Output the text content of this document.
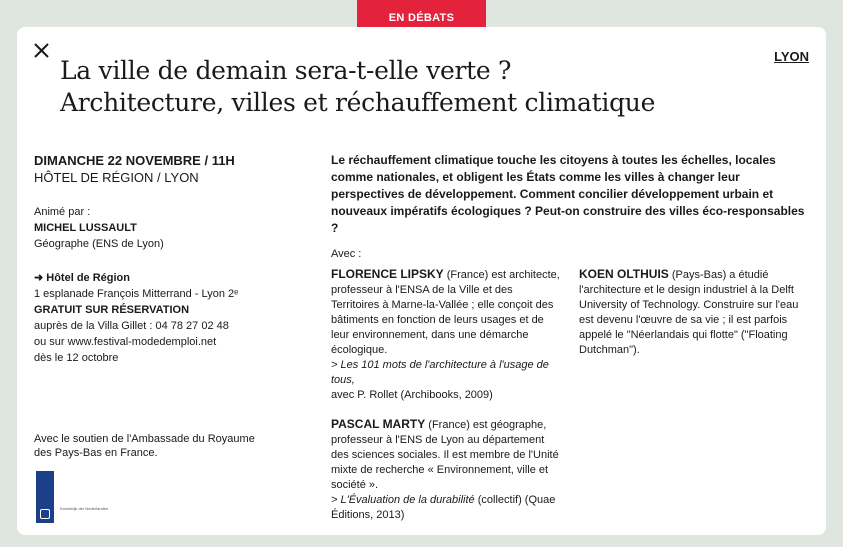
EN DÉBATS
LYON
La ville de demain sera-t-elle verte ?
Architecture, villes et réchauffement climatique
DIMANCHE 22 NOVEMBRE / 11H
HÔTEL DE RÉGION / LYON
Animé par :
MICHEL LUSSAULT
Géographe (ENS de Lyon)
➜ Hôtel de Région
1 esplanade François Mitterrand - Lyon 2ᵉ
GRATUIT SUR RÉSERVATION
auprès de la Villa Gillet : 04 78 27 02 48
ou sur www.festival-modedemploi.net
dès le 12 octobre
Avec le soutien de l'Ambassade du Royaume des Pays-Bas en France.
Koninkrijk der Nederlanden

Le réchauffement climatique touche les citoyens à toutes les échelles, locales comme nationales, et obligent les États comme les villes à changer leur perspectives de développement. Comment concilier développement urbain et nouveaux impératifs écologiques ? Peut-on construire des villes éco-responsables ?

Avec :
FLORENCE LIPSKY (France) est architecte, professeur à l'ENSA de la Ville et des Territoires à Marne-la-Vallée ; elle conçoit des bâtiments en fonction de leurs usages et de leur environnement, dans une démarche écologique.
> Les 101 mots de l'architecture à l'usage de tous,
avec P. Rollet (Archibooks, 2009)
PASCAL MARTY (France) est géographe, professeur à l'ENS de Lyon au département des sciences sociales. Il est membre de l'Unité mixte de recherche « Environnement, ville et société ».
> L'Évaluation de la durabilité (collectif) (Quae Éditions, 2013)
KOEN OLTHUIS (Pays-Bas) a étudié l'architecture et le design industriel à la Delft University of Technology. Construire sur l'eau est devenu l'œuvre de sa vie ; il est parfois appelé le "Néerlandais qui flotte" ("Floating Dutchman").
